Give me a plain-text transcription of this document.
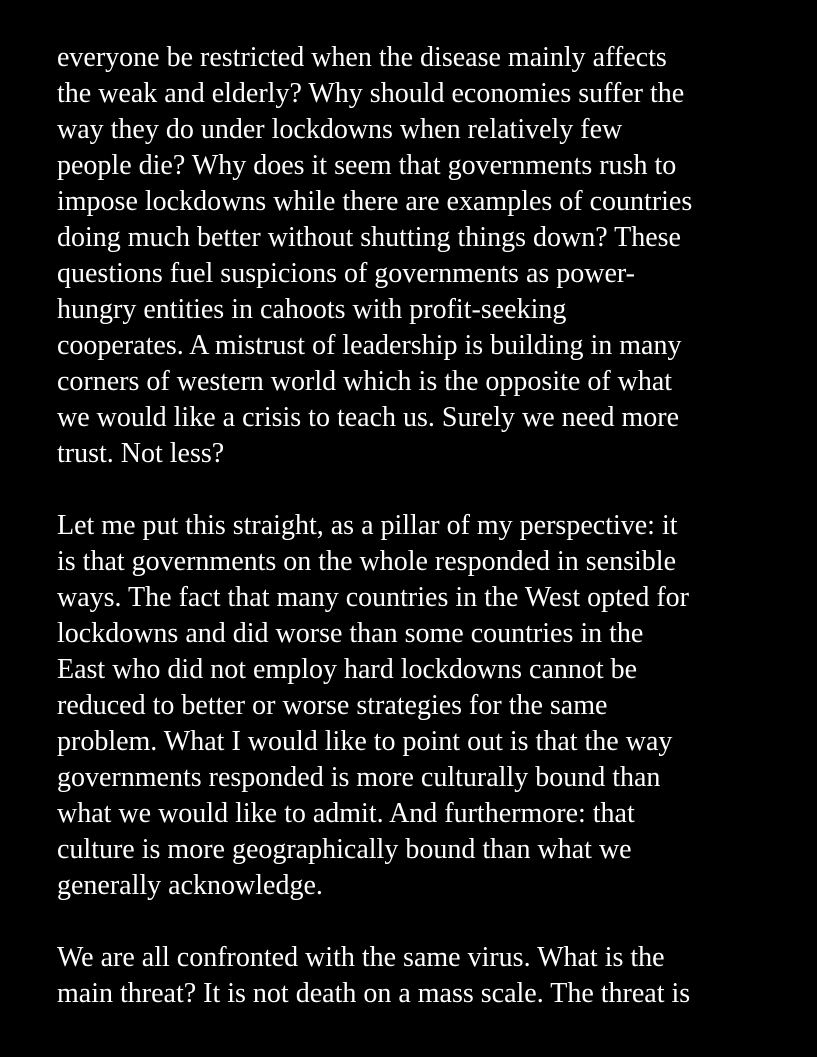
everyone be restricted when the disease mainly affects
the weak and elderly? Why should economies suffer the
way they do under lockdowns when relatively few
people die? Why does it seem that governments rush to
impose lockdowns while there are examples of countries
doing much better without shutting things down? These
questions fuel suspicions of governments as power-
hungry entities in cahoots with profit-seeking
cooperates. A mistrust of leadership is building in many
corners of western world which is the opposite of what
we would like a crisis to teach us. Surely we need more
trust. Not less?
Let me put this straight, as a pillar of my perspective: it
is that governments on the whole responded in sensible
ways. The fact that many countries in the West opted for
lockdowns and did worse than some countries in the
East who did not employ hard lockdowns cannot be
reduced to better or worse strategies for the same
problem. What I would like to point out is that the way
governments responded is more culturally bound than
what we would like to admit. And furthermore: that
culture is more geographically bound than what we
generally acknowledge.
We are all confronted with the same virus. What is the
main threat? It is not death on a mass scale. The threat is
